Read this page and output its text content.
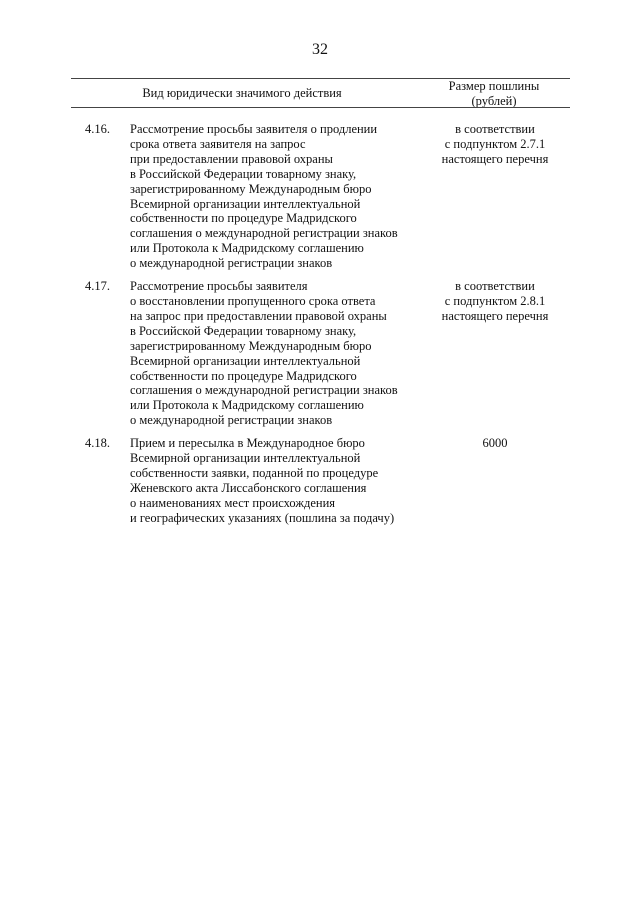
32
Вид юридически значимого действия	Размер пошлины
(рублей)
4.16. Рассмотрение просьбы заявителя о продлении
срока ответа заявителя на запрос
при предоставлении правовой охраны
в Российской Федерации товарному знаку,
зарегистрированному Международным бюро
Всемирной организации интеллектуальной
собственности по процедуре Мадридского
соглашения о международной регистрации знаков
или Протокола к Мадридскому соглашению
о международной регистрации знаков
в соответствии
с подпунктом 2.7.1
настоящего перечня
4.17. Рассмотрение просьбы заявителя
о восстановлении пропущенного срока ответа
на запрос при предоставлении правовой охраны
в Российской Федерации товарному знаку,
зарегистрированному Международным бюро
Всемирной организации интеллектуальной
собственности по процедуре Мадридского
соглашения о международной регистрации знаков
или Протокола к Мадридскому соглашению
о международной регистрации знаков
в соответствии
с подпунктом 2.8.1
настоящего перечня
4.18. Прием и пересылка в Международное бюро
Всемирной организации интеллектуальной
собственности заявки, поданной по процедуре
Женевского акта Лиссабонского соглашения
о наименованиях мест происхождения
и географических указаниях (пошлина за подачу)
6000
